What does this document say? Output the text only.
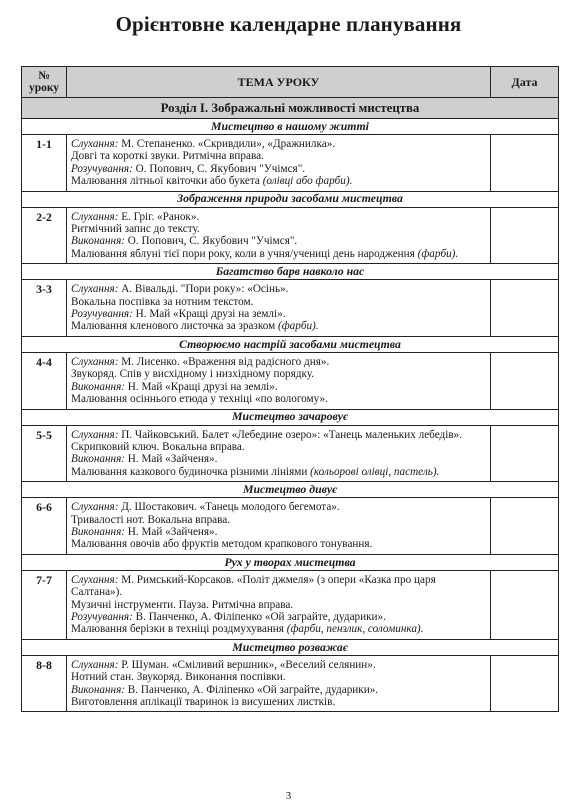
Орієнтовне календарне планування
№ уроку	ТЕМА УРОКУ	Дата
Розділ І. Зображальні можливості мистецтва		
Мистецтво в нашому житті		
1-1	Слухання: М. Степаненко. «Скривдили», «Дражнилка».
Довгі та короткі звуки. Ритмічна вправа.
Розучування: О. Попович, С. Якубович "Учімся".
Малювання літньої квіточки або букета (олівці або фарби).	

Зображення природи засобами мистецтва		
2-2	Слухання: Е. Гріг. «Ранок».
Ритмічний запис до тексту.
Виконання: О. Попович, С. Якубович "Учімся".
Малювання яблуні тієї пори року, коли в учня/учениці день народження (фарби).	

Багатство барв навколо нас		
3-3	Слухання: А. Вівальді. "Пори року»: «Осінь».
Вокальна поспівка за нотним текстом.
Розучування: Н. Май «Кращі друзі на землі».
Малювання кленового листочка за зразком (фарби).	

Створюємо настрій засобами мистецтва		
4-4	Слухання: М. Лисенко. «Враження від радісного дня».
Звукоряд. Спів у висхідному і низхідному порядку.
Виконання: Н. Май «Кращі друзі на землі».
Малювання осіннього етюда у техніці «по вологому».	

Мистецтво зачаровує		
5-5	Слухання: П. Чайковський. Балет «Лебедине озеро»: «Танець маленьких лебедів».
Скрипковий ключ. Вокальна вправа.
Виконання: Н. Май «Зайченя».
Малювання казкового будиночка різними лініями (кольорові олівці, пастель).	

Мистецтво дивує		
6-6	Слухання: Д. Шостакович. «Танець молодого бегемота».
Тривалості нот. Вокальна вправа.
Виконання: Н. Май «Зайченя».
Малювання овочів або фруктів методом крапкового тонування.	

Рух у творах мистецтва		
7-7	Слухання: М. Римський-Корсаков. «Політ джмеля» (з опери «Казка про царя Салтана»).
Музичні інструменти. Пауза. Ритмічна вправа.
Розучування: В. Панченко, А. Філіпенко «Ой заграйте, дударики».
Малювання берізки в техніці роздмухування (фарби, пензлик, соломинка).	

Мистецтво розважає		
8-8	Слухання: Р. Шуман. «Сміливий вершник», «Веселий селянин».
Нотний стан. Звукоряд. Виконання поспівки.
Виконання: В. Панченко, А. Філіпенко «Ой заграйте, дударики».
Виготовлення аплікації тваринок із висушених листків.	

3
